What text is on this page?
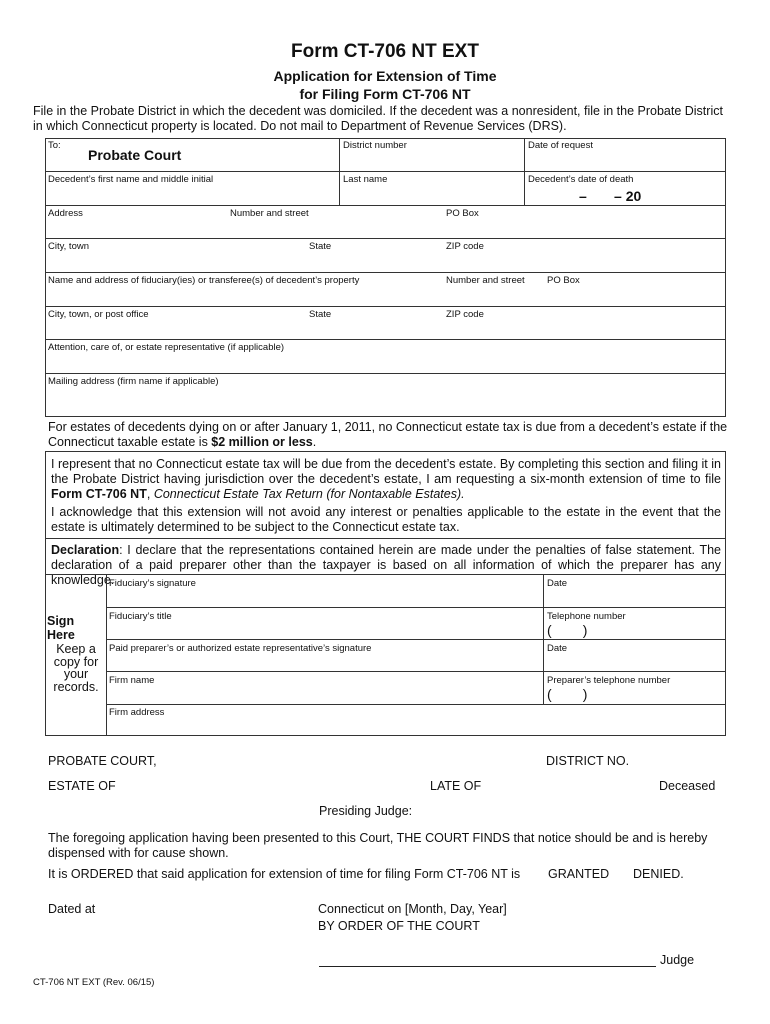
Form CT-706 NT EXT
Application for Extension of Time
for Filing Form CT-706 NT
File in the Probate District in which the decedent was domiciled. If the decedent was a nonresident, file in the Probate District in which Connecticut property is located. Do not mail to Department of Revenue Services (DRS).
To:
Probate Court
District number	Date of request
Decedent’s first name and middle initial	Last name	Decedent’s date of death
–       – 20
Address	Number and street	PO Box
City, town	State	ZIP code
Name and address of fiduciary(ies) or transferee(s) of decedent’s property	Number and street PO Box
City, town, or post office	State	ZIP code
Attention, care of, or estate representative (if applicable)
Mailing address (firm name if applicable)
For estates of decedents dying on or after January 1, 2011, no Connecticut estate tax is due from a decedent’s estate if the Connecticut taxable estate is $2 million or less.
I represent that no Connecticut estate tax will be due from the decedent’s estate. By completing this section and filing it in the Probate District having jurisdiction over the decedent’s estate, I am requesting a six-month extension of time to file Form CT-706 NT, Connecticut Estate Tax Return (for Nontaxable Estates).
I acknowledge that this extension will not avoid any interest or penalties applicable to the estate in the event that the estate is ultimately determined to be subject to the Connecticut estate tax.
Declaration: I declare that the representations contained herein are made under the penalties of false statement. The declaration of a paid preparer other than the taxpayer is based on all information of which the preparer has any knowledge.
Sign Here
Keep a copy for your records.
Fiduciary’s signature	Date
Fiduciary’s title	Telephone number
(        )
Paid preparer’s or authorized estate representative’s signature	Date
Firm name	Preparer’s telephone number
(        )
Firm address
PROBATE COURT,	DISTRICT NO.
ESTATE OF	LATE OF	Deceased
Presiding Judge:
The foregoing application having been presented to this Court, THE COURT FINDS that notice should be and is hereby dispensed with for cause shown.
It is ORDERED that said application for extension of time for filing Form CT-706 NT is GRANTED DENIED.
Dated at	Connecticut on [Month, Day, Year]
BY ORDER OF THE COURT
Judge
CT-706 NT EXT (Rev. 06/15)
